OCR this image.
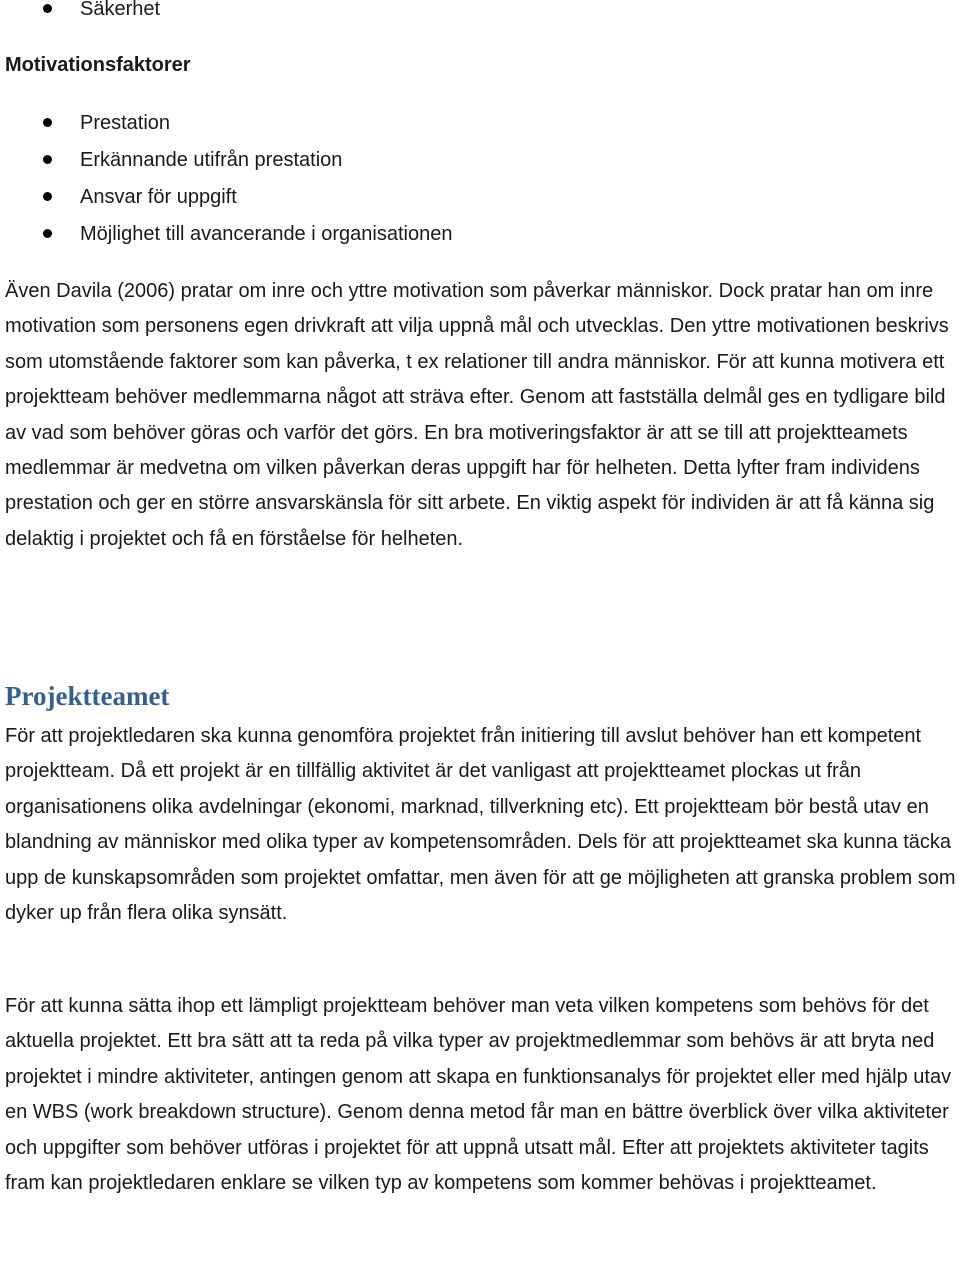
Säkerhet
Motivationsfaktorer
Prestation
Erkännande utifrån prestation
Ansvar för uppgift
Möjlighet till avancerande i organisationen

Även Davila (2006) pratar om inre och yttre motivation som påverkar människor. Dock pratar han om inre motivation som personens egen drivkraft att vilja uppnå mål och utvecklas. Den yttre motivationen beskrivs som utomstående faktorer som kan påverka, t ex relationer till andra människor. För att kunna motivera ett projektteam behöver medlemmarna något att sträva efter. Genom att fastställa delmål ges en tydligare bild av vad som behöver göras och varför det görs. En bra motiveringsfaktor är att se till att projektteamets medlemmar är medvetna om vilken påverkan deras uppgift har för helheten. Detta lyfter fram individens prestation och ger en större ansvarskänsla för sitt arbete. En viktig aspekt för individen är att få känna sig delaktig i projektet och få en förståelse för helheten.

Projektteamet

För att projektledaren ska kunna genomföra projektet från initiering till avslut behöver han ett kompetent projektteam. Då ett projekt är en tillfällig aktivitet är det vanligast att projektteamet plockas ut från organisationens olika avdelningar (ekonomi, marknad, tillverkning etc). Ett projektteam bör bestå utav en blandning av människor med olika typer av kompetensområden. Dels för att projektteamet ska kunna täcka upp de kunskapsområden som projektet omfattar, men även för att ge möjligheten att granska problem som dyker up från flera olika synsätt.

För att kunna sätta ihop ett lämpligt projektteam behöver man veta vilken kompetens som behövs för det aktuella projektet. Ett bra sätt att ta reda på vilka typer av projektmedlemmar som behövs är att bryta ned projektet i mindre aktiviteter, antingen genom att skapa en funktionsanalys för projektet eller med hjälp utav en WBS (work breakdown structure). Genom denna metod får man en bättre överblick över vilka aktiviteter och uppgifter som behöver utföras i projektet för att uppnå utsatt mål. Efter att projektets aktiviteter tagits fram kan projektledaren enklare se vilken typ av kompetens som kommer behövas i projektteamet.
